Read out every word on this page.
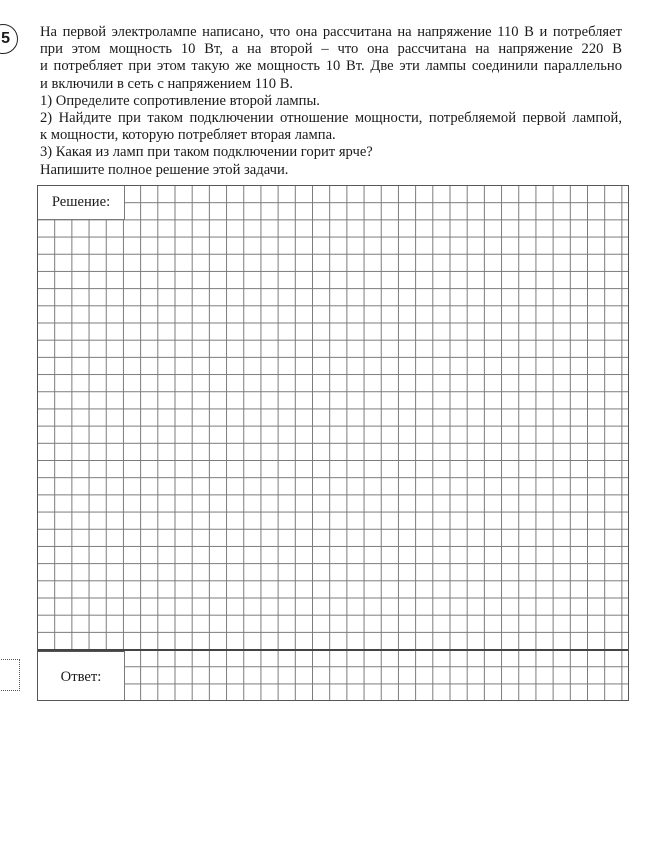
5	На первой электролампе написано, что она рассчитана на напряжение 110 В и потребляет

при этом мощность 10 Вт, а на второй – что она рассчитана на напряжение 220 В

и потребляет при этом такую же мощность 10 Вт. Две эти лампы соединили параллельно

и включили в сеть с напряжением 110 В.

1) Определите сопротивление второй лампы.

2) Найдите при таком подключении отношение мощности, потребляемой первой лампой,

к мощности, которую потребляет вторая лампа.

3) Какая из ламп при таком подключении горит ярче?

Напишите полное решение этой задачи.

Решение:
Ответ:
